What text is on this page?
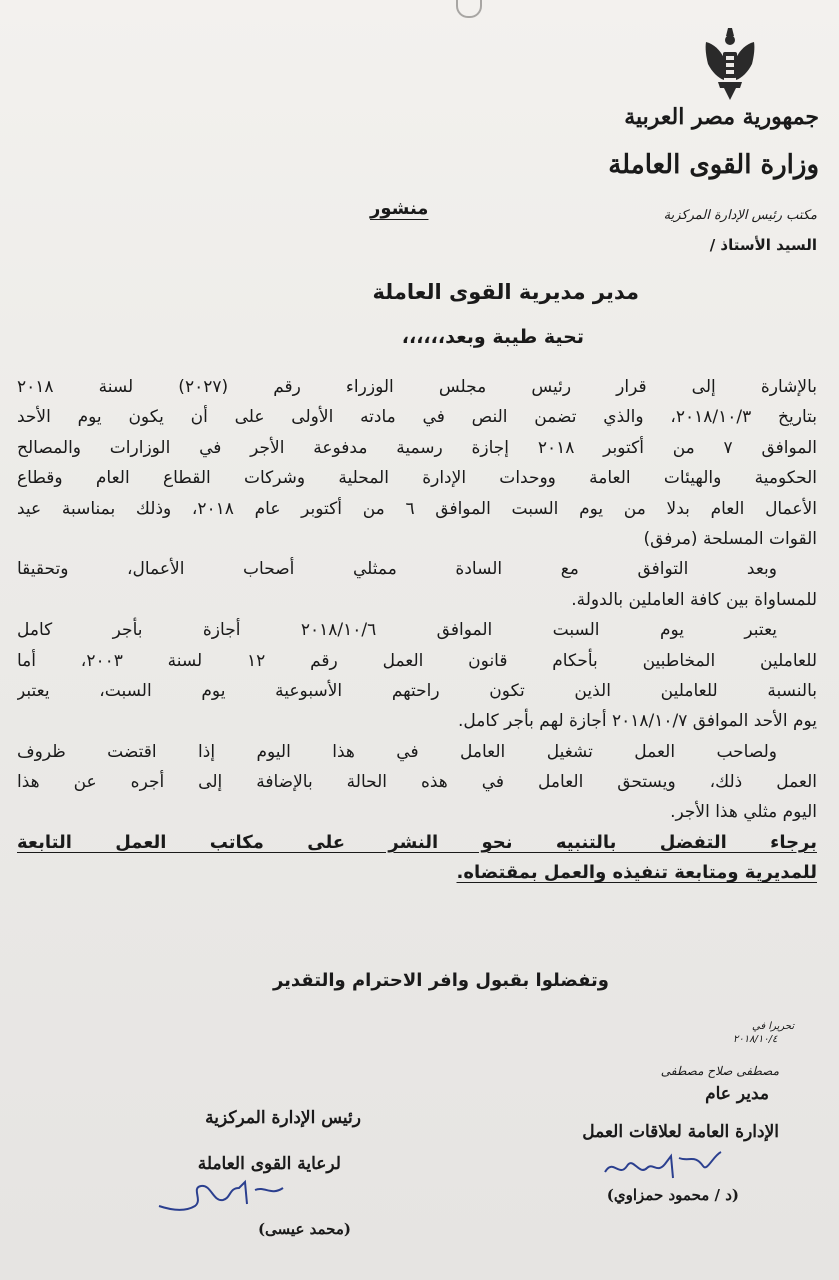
جمهورية مصر العربية
وزارة القوى العاملة
مكتب رئيس الإدارة المركزية
السيد الأستاذ /
منشور
مدير مديرية القوى العاملة
تحية طيبة وبعد،،،،،،
بالإشارة إلى قرار رئيس مجلس الوزراء رقم (٢٠٢٧) لسنة ٢٠١٨
بتاريخ ٢٠١٨/١٠/٣، والذي تضمن النص في مادته الأولى على أن يكون يوم الأحد
الموافق ٧ من أكتوبر ٢٠١٨ إجازة رسمية مدفوعة الأجر في الوزارات والمصالح
الحكومية والهيئات العامة ووحدات الإدارة المحلية وشركات القطاع العام وقطاع
الأعمال العام بدلا من يوم السبت الموافق ٦ من أكتوبر عام ٢٠١٨، وذلك بمناسبة عيد
القوات المسلحة (مرفق)
وبعد التوافق مع السادة ممثلي أصحاب الأعمال، وتحقيقا
للمساواة بين كافة العاملين بالدولة.
يعتبر يوم السبت الموافق ٢٠١٨/١٠/٦ أجازة بأجر كامل
للعاملين المخاطبين بأحكام قانون العمل رقم ١٢ لسنة ٢٠٠٣، أما
بالنسبة للعاملين الذين تكون راحتهم الأسبوعية يوم السبت، يعتبر
يوم الأحد الموافق ٢٠١٨/١٠/٧ أجازة لهم بأجر كامل.
ولصاحب العمل تشغيل العامل في هذا اليوم إذا اقتضت ظروف
العمل ذلك، ويستحق العامل في هذه الحالة بالإضافة إلى أجره عن هذا
اليوم مثلي هذا الأجر.
برجاء التفضل بالتنبيه نحو النشر على مكاتب العمل التابعة
للمديرية ومتابعة تنفيذه والعمل بمقتضاه.
وتفضلوا بقبول وافر الاحترام والتقدير
تحريرا في
٢٠١٨/١٠/٤
مصطفى صلاح مصطفى
مدير عام
الإدارة العامة لعلاقات العمل
(د / محمود حمزاوي)
رئيس الإدارة المركزية
لرعاية القوى العاملة
(محمد عيسى)
